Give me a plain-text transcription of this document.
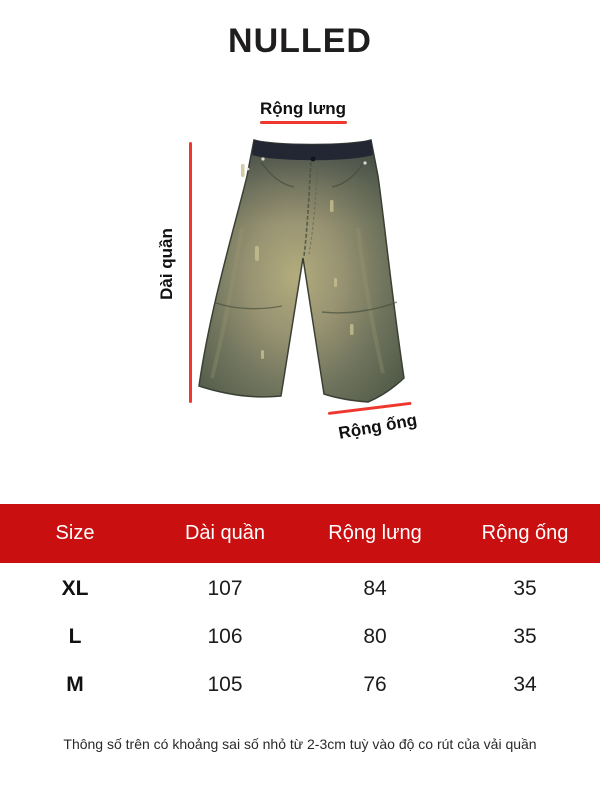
NULLED
Rộng lưng
Dài quần
Rộng ống
Size	Dài quần	Rộng lưng	Rộng ống
XL	107	84	35
L	106	80	35
M	105	76	34
Thông số trên có khoảng sai số nhỏ từ 2-3cm tuỳ vào độ co rút của vải quần
